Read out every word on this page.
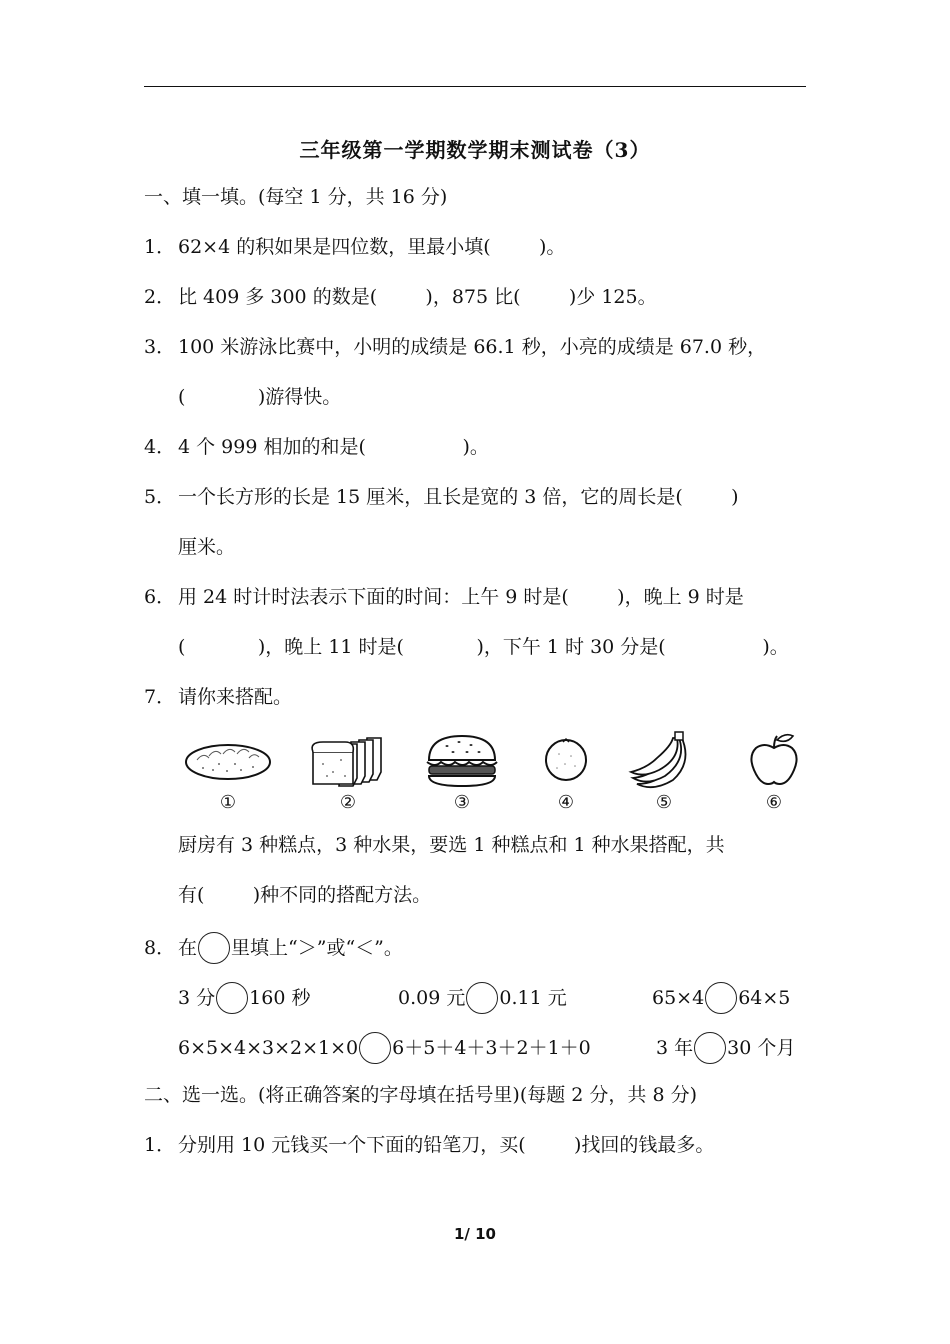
三年级第一学期数学期末测试卷（3）
一、填一填。(每空 1 分，共 16 分)
1． 62×4 的积如果是四位数，里最小填(        )。
2． 比 409 多 300 的数是(        )，875 比(        )少 125。
3． 100 米游泳比赛中，小明的成绩是 66.1 秒，小亮的成绩是 67.0 秒，
(            )游得快。
4． 4 个 999 相加的和是(                )。
5． 一个长方形的长是 15 厘米，且长是宽的 3 倍，它的周长是(        )
厘米。
6． 用 24 时计时法表示下面的时间：上午 9 时是(        )，晚上 9 时是
(            )，晚上 11 时是(            )，下午 1 时 30 分是(                )。
7． 请你来搭配。
①	②	③	④	⑤	⑥
厨房有 3 种糕点，3 种水果，要选 1 种糕点和 1 种水果搭配，共
有(        )种不同的搭配方法。
8． 在 里填上“＞”或“＜”。
3 分 160 秒	0.09 元 0.11 元	65×4 64×5
6×5×4×3×2×1×0 6＋5＋4＋3＋2＋1＋0	3 年 30 个月
二、选一选。(将正确答案的字母填在括号里)(每题 2 分，共 8 分)
1． 分别用 10 元钱买一个下面的铅笔刀，买(        )找回的钱最多。
1/ 10
